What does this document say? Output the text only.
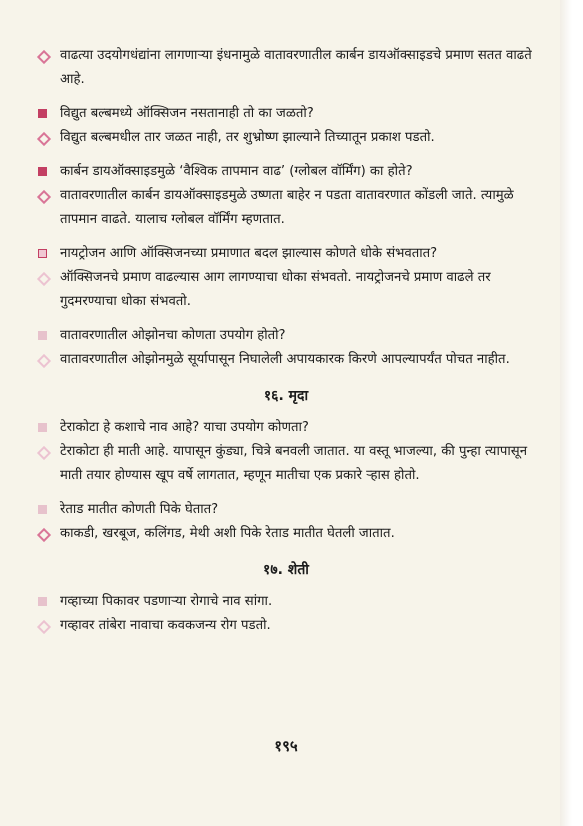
वाढत्या उदयोगधंद्यांना लागणाऱ्या इंधनामुळे वातावरणातील कार्बन डायऑक्साइडचे प्रमाण सतत वाढते आहे.
विद्युत बल्बमध्ये ऑक्सिजन नसतानाही तो का जळतो?
विद्युत बल्बमधील तार जळत नाही, तर शुभ्रोष्ण झाल्याने तिच्यातून प्रकाश पडतो.
कार्बन डायऑक्साइडमुळे ‘वैश्विक तापमान वाढ’ (ग्लोबल वॉर्मिंग) का होते?
वातावरणातील कार्बन डायऑक्साइडमुळे उष्णता बाहेर न पडता वातावरणात कोंडली जाते. त्यामुळे तापमान वाढते. यालाच ग्लोबल वॉर्मिंग म्हणतात.
नायट्रोजन आणि ऑक्सिजनच्या प्रमाणात बदल झाल्यास कोणते धोके संभवतात?
ऑक्सिजनचे प्रमाण वाढल्यास आग लागण्याचा धोका संभवतो. नायट्रोजनचे प्रमाण वाढले तर गुदमरण्याचा धोका संभवतो.
वातावरणातील ओझोनचा कोणता उपयोग होतो?
वातावरणातील ओझोनमुळे सूर्यापासून निघालेली अपायकारक किरणे आपल्यापर्यंत पोचत नाहीत.
१६. मृदा
टेराकोटा हे कशाचे नाव आहे? याचा उपयोग कोणता?
टेराकोटा ही माती आहे. यापासून कुंड्या, चित्रे बनवली जातात. या वस्तू भाजल्या, की पुन्हा त्यापासून माती तयार होण्यास खूप वर्षे लागतात, म्हणून मातीचा एक प्रकारे ऱ्हास होतो.
रेताड मातीत कोणती पिके घेतात?
काकडी, खरबूज, कलिंगड, मेथी अशी पिके रेताड मातीत घेतली जातात.
१७. शेती
गव्हाच्या पिकावर पडणाऱ्या रोगाचे नाव सांगा.
गव्हावर तांबेरा नावाचा कवकजन्य रोग पडतो.
१९५
